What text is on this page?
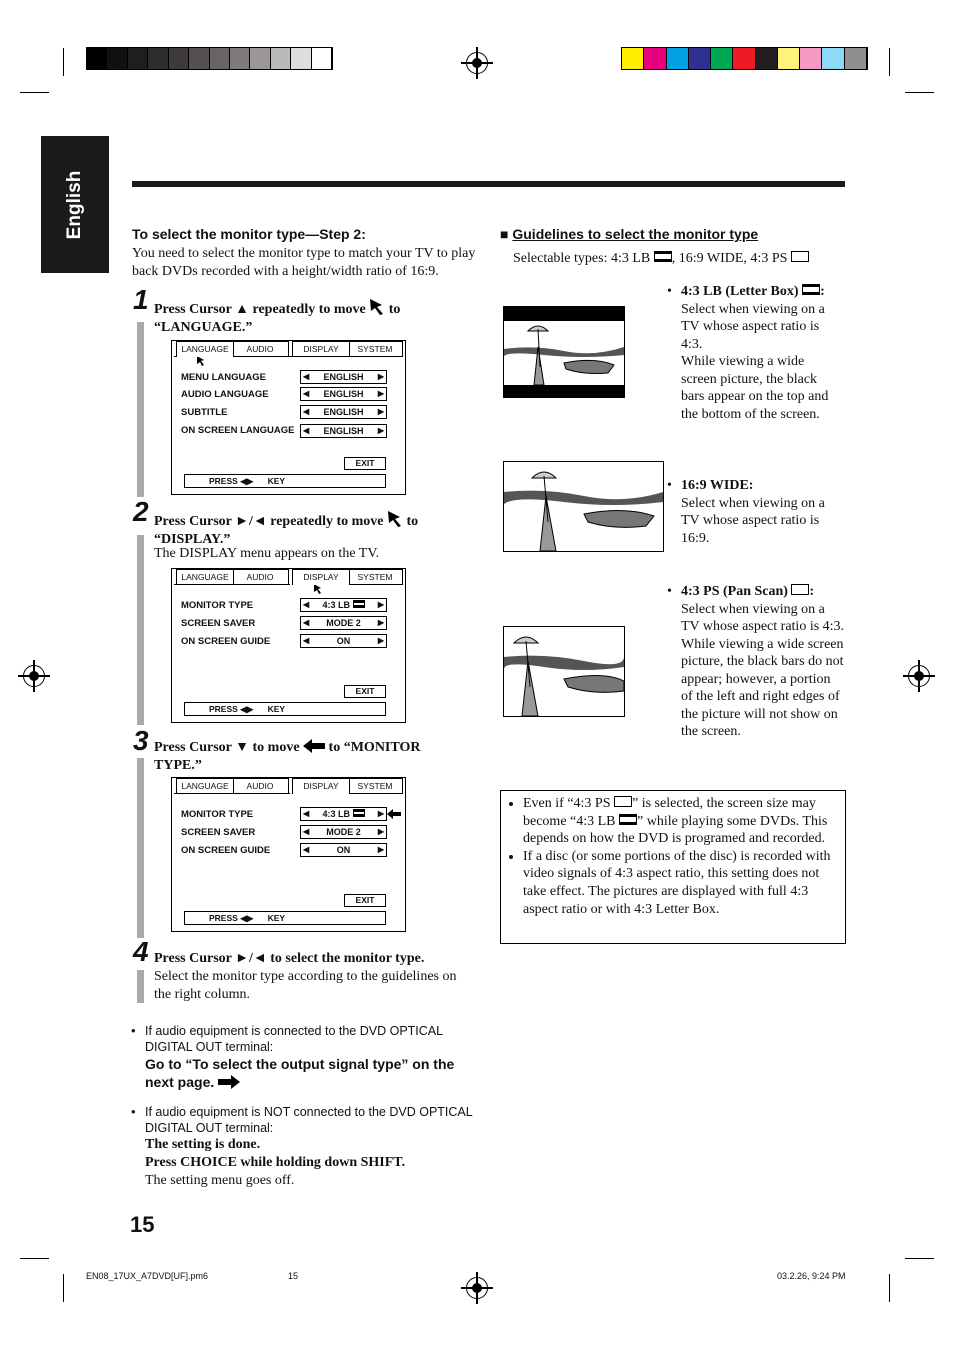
English	To select the monitor type—Step 2:
You need to select the monitor type to match your TV to play back DVDs recorded with a height/width ratio of 16:9.
1 Press Cursor ▲ repeatedly to move to
“LANGUAGE.”
LANGUAGE	AUDIO	DISPLAY	SYSTEM
MENU LANGUAGE	◀ ENGLISH ▶
AUDIO LANGUAGE	◀ ENGLISH ▶
SUBTITLE	◀ ENGLISH ▶
ON SCREEN LANGUAGE ◀ ENGLISH ▶
EXIT
PRESS ◀▶ KEY
2 Press Cursor ►/◄ repeatedly to move to
“DISPLAY.”
The DISPLAY menu appears on the TV.
LANGUAGE	AUDIO	DISPLAY	SYSTEM
MONITOR TYPE	◀ 4:3 LB	▶
SCREEN SAVER	◀ MODE 2 ▶
ON SCREEN GUIDE	◀	ON	▶
EXIT
PRESS ◀▶ KEY
3 Press Cursor ▼ to move to “MONITOR
TYPE.”
LANGUAGE	AUDIO	DISPLAY	SYSTEM
MONITOR TYPE	◀ 4:3 LB	▶
SCREEN SAVER	◀ MODE 2 ▶
ON SCREEN GUIDE	◀	ON	▶
EXIT
PRESS ◀▶ KEY
4 Press Cursor ►/◄ to select the monitor type.
Select the monitor type according to the guidelines on the right column.
• If audio equipment is connected to the DVD OPTICAL DIGITAL OUT terminal:
Go to “To select the output signal type” on the next page.
• If audio equipment is NOT connected to the DVD OPTICAL DIGITAL OUT terminal:
The setting is done.
Press CHOICE while holding down SHIFT.
The setting menu goes off.
■ Guidelines to select the monitor type
Selectable types: 4:3 LB , 16:9 WIDE, 4:3 PS
• 4:3 LB (Letter Box) :
Select when viewing on a TV whose aspect ratio is 4:3.
While viewing a wide screen picture, the black bars appear on the top and the bottom of the screen.
• 16:9 WIDE:
Select when viewing on a TV whose aspect ratio is 16:9.
• 4:3 PS (Pan Scan) :
Select when viewing on a TV whose aspect ratio is 4:3.
While viewing a wide screen picture, the black bars do not appear; however, a portion of the left and right edges of the picture will not show on the screen.
• Even if “4:3 PS ” is selected, the screen size may become “4:3 LB ” while playing some DVDs. This depends on how the DVD is programed and recorded.
• If a disc (or some portions of the disc) is recorded with video signals of 4:3 aspect ratio, this setting does not take effect. The pictures are displayed with full 4:3 aspect ratio or with 4:3 Letter Box.
15
EN08_17UX_A7DVD[UF].pm6	15	03.2.26, 9:24 PM
